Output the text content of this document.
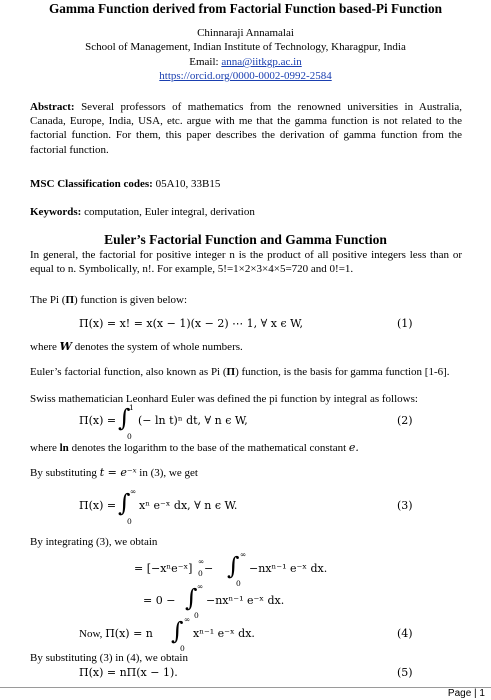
Gamma Function derived from Factorial Function based-Pi Function
Chinnaraji Annamalai
School of Management, Indian Institute of Technology, Kharagpur, India
Email: anna@iitkgp.ac.in
https://orcid.org/0000-0002-0992-2584
Abstract: Several professors of mathematics from the renowned universities in Australia, Canada, Europe, India, USA, etc. argue with me that the gamma function is not related to the factorial function. For them, this paper describes the derivation of gamma function from the factorial function.
MSC Classification codes: 05A10, 33B15
Keywords: computation, Euler integral, derivation
Euler’s Factorial Function and Gamma Function
In general, the factorial for positive integer n is the product of all positive integers less than or equal to n. Symbolically, n!. For example, 5!=1×2×3×4×5=720 and 0!=1.
The Pi (Π) function is given below:
Π(x) = x! = x(x − 1)(x − 2) ⋯ 1, ∀ x ϵ W,	(1)
where W denotes the system of whole numbers.
Euler’s factorial function, also known as Pi (Π) function, is the basis for gamma function [1-6].
Swiss mathematician Leonhard Euler was defined the pi function by integral as follows:
Π(x) = ∫
1
0
(− ln t)ⁿ dt, ∀ n ϵ W,	(2)
where ln denotes the logarithm to the base of the mathematical constant e.
By substituting t = e⁻ˣ in (3), we get
Π(x) = ∫ ∞
0
xⁿ e⁻ˣ dx, ∀ n ϵ W.	(3)
By integrating (3), we obtain
= [−xⁿe⁻ˣ]
∞
0 − ∫ ∞
0
−nxⁿ⁻¹ e⁻ˣ dx.
= 0 − ∫ ∞
0
−nxⁿ⁻¹ e⁻ˣ dx.
Now, Π(x) = n ∫ ∞
0
xⁿ⁻¹ e⁻ˣ dx.	(4)
By substituting (3) in (4), we obtain
Π(x) = nΠ(x − 1).	(5)
Page | 1
